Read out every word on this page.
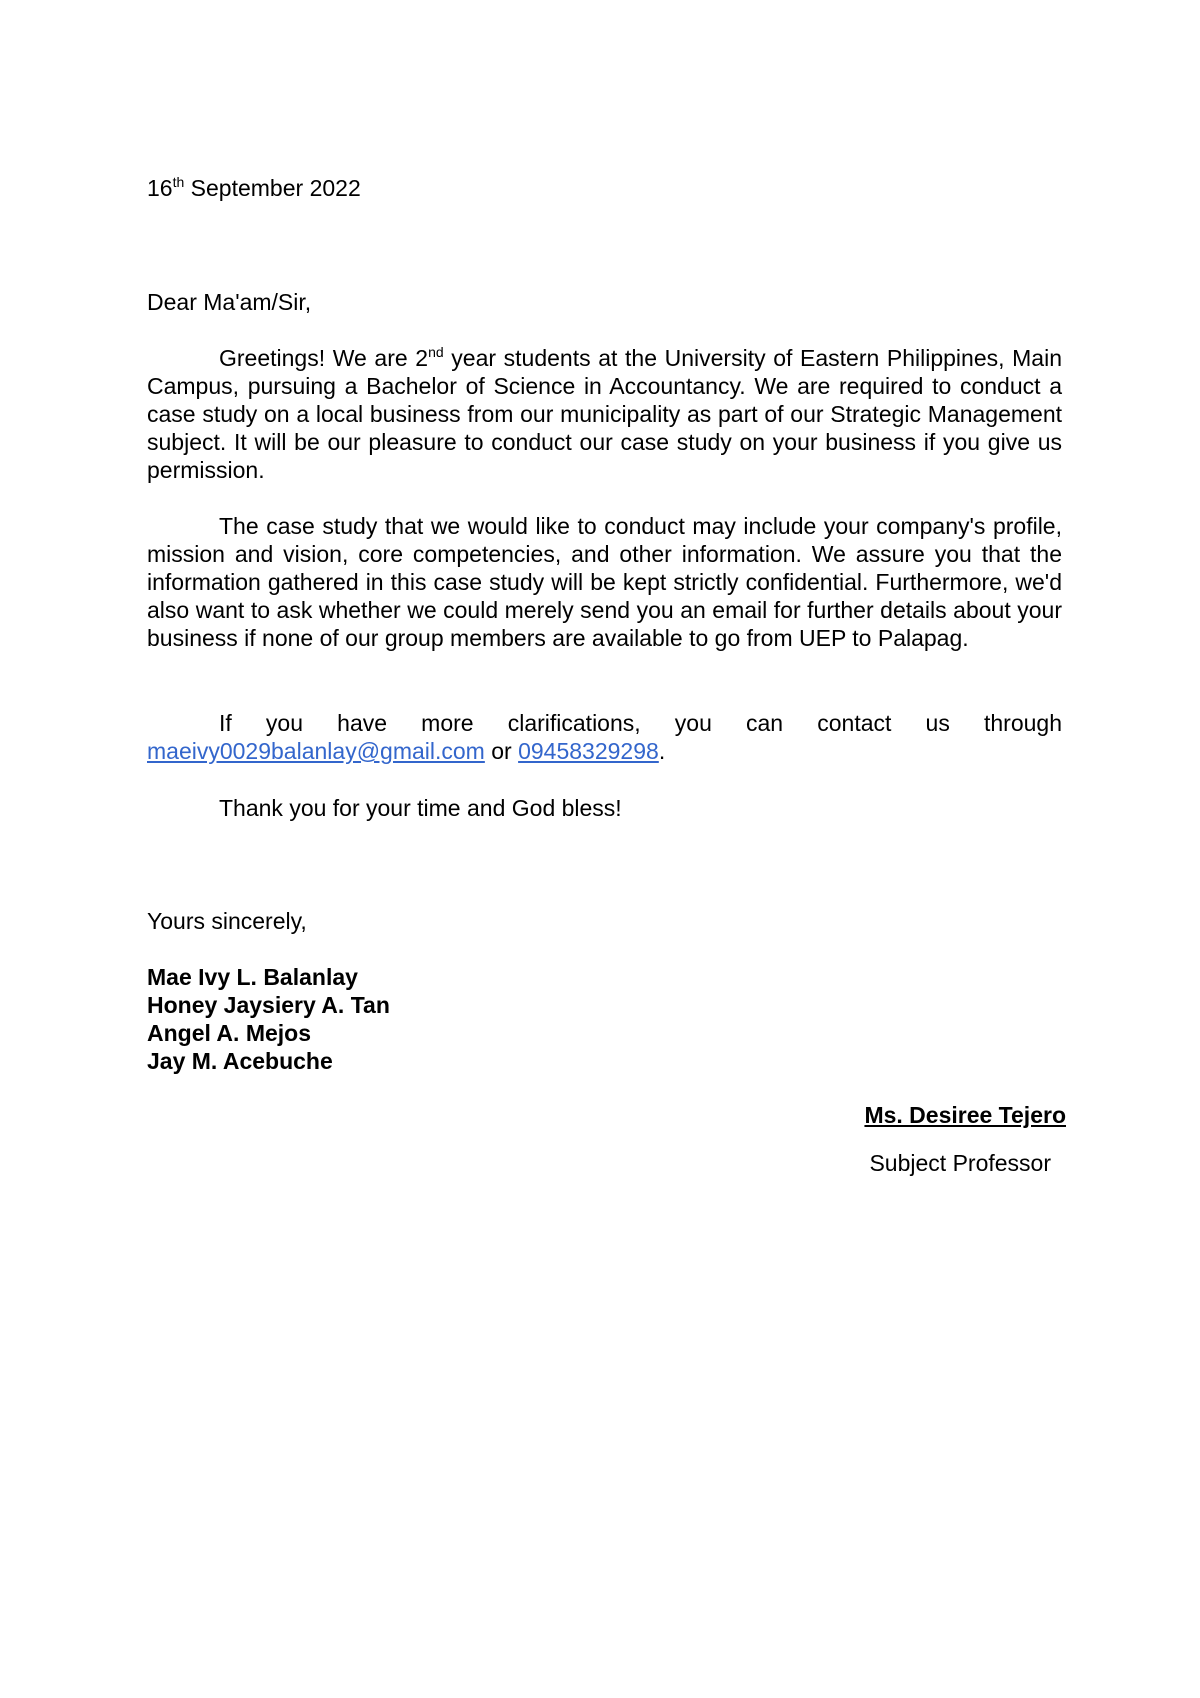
16th September 2022

Dear Ma'am/Sir,

Greetings! We are 2nd year students at the University of Eastern Philippines, Main Campus, pursuing a Bachelor of Science in Accountancy. We are required to conduct a case study on a local business from our municipality as part of our Strategic Management subject. It will be our pleasure to conduct our case study on your business if you give us permission.

The case study that we would like to conduct may include your company's profile, mission and vision, core competencies, and other information. We assure you that the information gathered in this case study will be kept strictly confidential. Furthermore, we'd also want to ask whether we could merely send you an email for further details about your business if none of our group members are available to go from UEP to Palapag.

If you have more clarifications, you can contact us through maeivy0029balanlay@gmail.com or 09458329298.

Thank you for your time and God bless!

Yours sincerely,

Mae Ivy L. Balanlay

Honey Jaysiery A. Tan

Angel A. Mejos

Jay M. Acebuche

Ms. Desiree Tejero
Subject Professor
